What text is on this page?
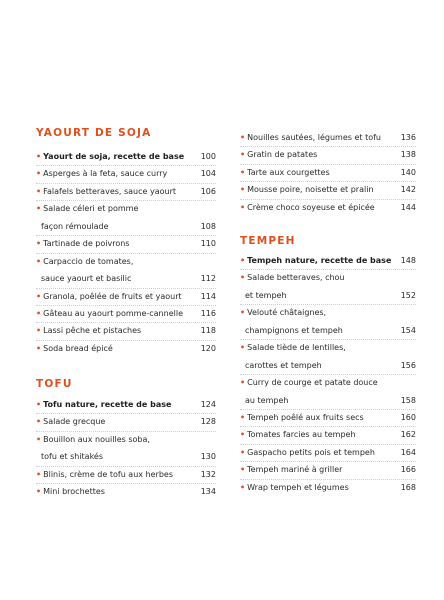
YAOURT DE SOJA
• Yaourt de soja, recette de base	100
• Asperges à la feta, sauce curry	104
• Falafels betteraves, sauce yaourt	106
• Salade céleri et pomme
façon rémoulade	108
• Tartinade de poivrons	110
• Carpaccio de tomates,
sauce yaourt et basilic	112
• Granola, poêlée de fruits et yaourt	114
• Gâteau au yaourt pomme-cannelle	116
• Lassi pêche et pistaches	118
• Soda bread épicé	120
TOFU
• Tofu nature, recette de base	124
• Salade grecque	128
• Bouillon aux nouilles soba,
tofu et shitakés	130
• Blinis, crème de tofu aux herbes	132
• Mini brochettes	134
• Nouilles sautées, légumes et tofu	136
• Gratin de patates	138
• Tarte aux courgettes	140
• Mousse poire, noisette et pralin	142
• Crème choco soyeuse et épicée	144
TEMPEH
• Tempeh nature, recette de base	148
• Salade betteraves, chou
et tempeh	152
• Velouté châtaignes,
champignons et tempeh	154
• Salade tiède de lentilles,
carottes et tempeh	156
• Curry de courge et patate douce
au tempeh	158
• Tempeh poêlé aux fruits secs	160
• Tomates farcies au tempeh	162
• Gaspacho petits pois et tempeh	164
• Tempeh mariné à griller	166
• Wrap tempeh et légumes	168
